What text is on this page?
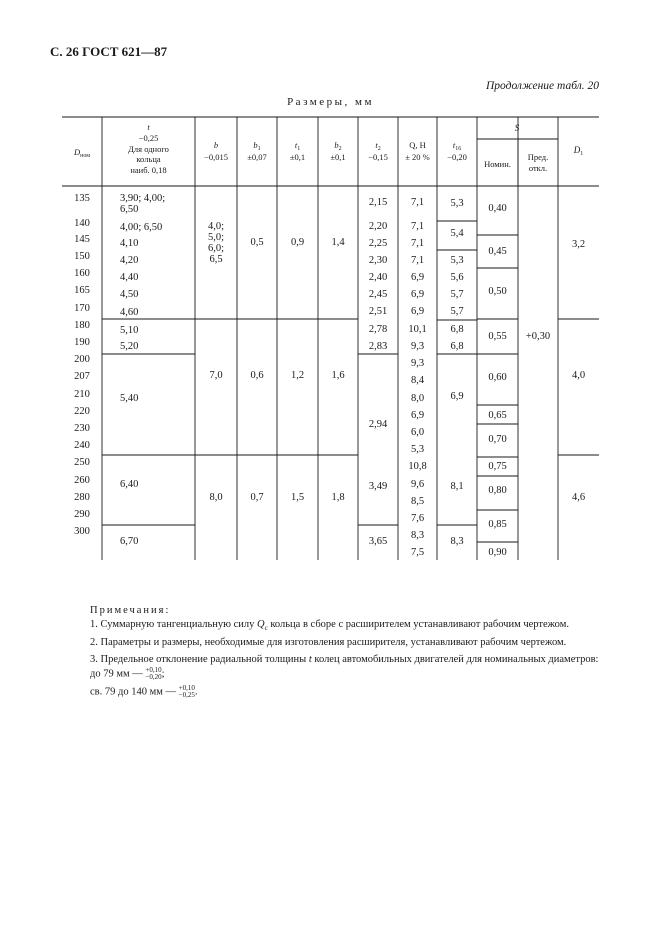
С. 26 ГОСТ 621—87
Продолжение табл. 20
Размеры, мм
$D_{ном}$
t
−0,25
Для одного
кольца
наиб. 0,18
b
−0,015
$b_1$
±0,07
$t_1$
±0,1
$b_2$
±0,1
$t_2$
−0,15
Q, Н
± 20 %
$t_{16}$
−0,20
S
Номин.
Пред.
откл.
$D_1$
135
140
145
150
160
165
170
180
190
200
207
210
220
230
240
250
260
280
290
300
3,90; 4,00;
6,50
4,00; 6,50
4,10
4,20
4,40
4,50
4,60
5,10
5,20
5,40
6,40
6,70
4,0;
5,0;
6,0;
6,5
7,0
8,0
0,5
0,6
0,7
0,9
1,2
1,5
1,4
1,6
1,8
2,15
2,20
2,25
2,30
2,40
2,45
2,51
2,78
2,83
2,94
3,49
3,65
7,1
7,1
7,1
7,1
6,9
6,9
6,9
10,1
9,3
9,3
8,4
8,0
6,9
6,0
5,3
10,8
9,6
8,5
7,6
8,3
7,5
5,3
5,4
5,3
5,6
5,7
5,7
6,8
6,8
6,9
8,1
8,3
0,40
0,45
0,50
0,55
0,60
0,65
0,70
0,75
0,80
0,85
0,90
+0,30
3,2
4,0
4,6
Примечания:
1. Суммарную тангенциальную силу $Q_c$ кольца в сборе с расширителем устанавливают рабочим чертежом.
2. Параметры и размеры, необходимые для изготовления расширителя, устанавливают рабочим чертежом.
3. Предельное отклонение радиальной толщины t колец автомобильных двигателей для номинальных диаметров:
до 79 мм — +0,10
−0,20;
св. 79 до 140 мм — +0,10
−0,25.
